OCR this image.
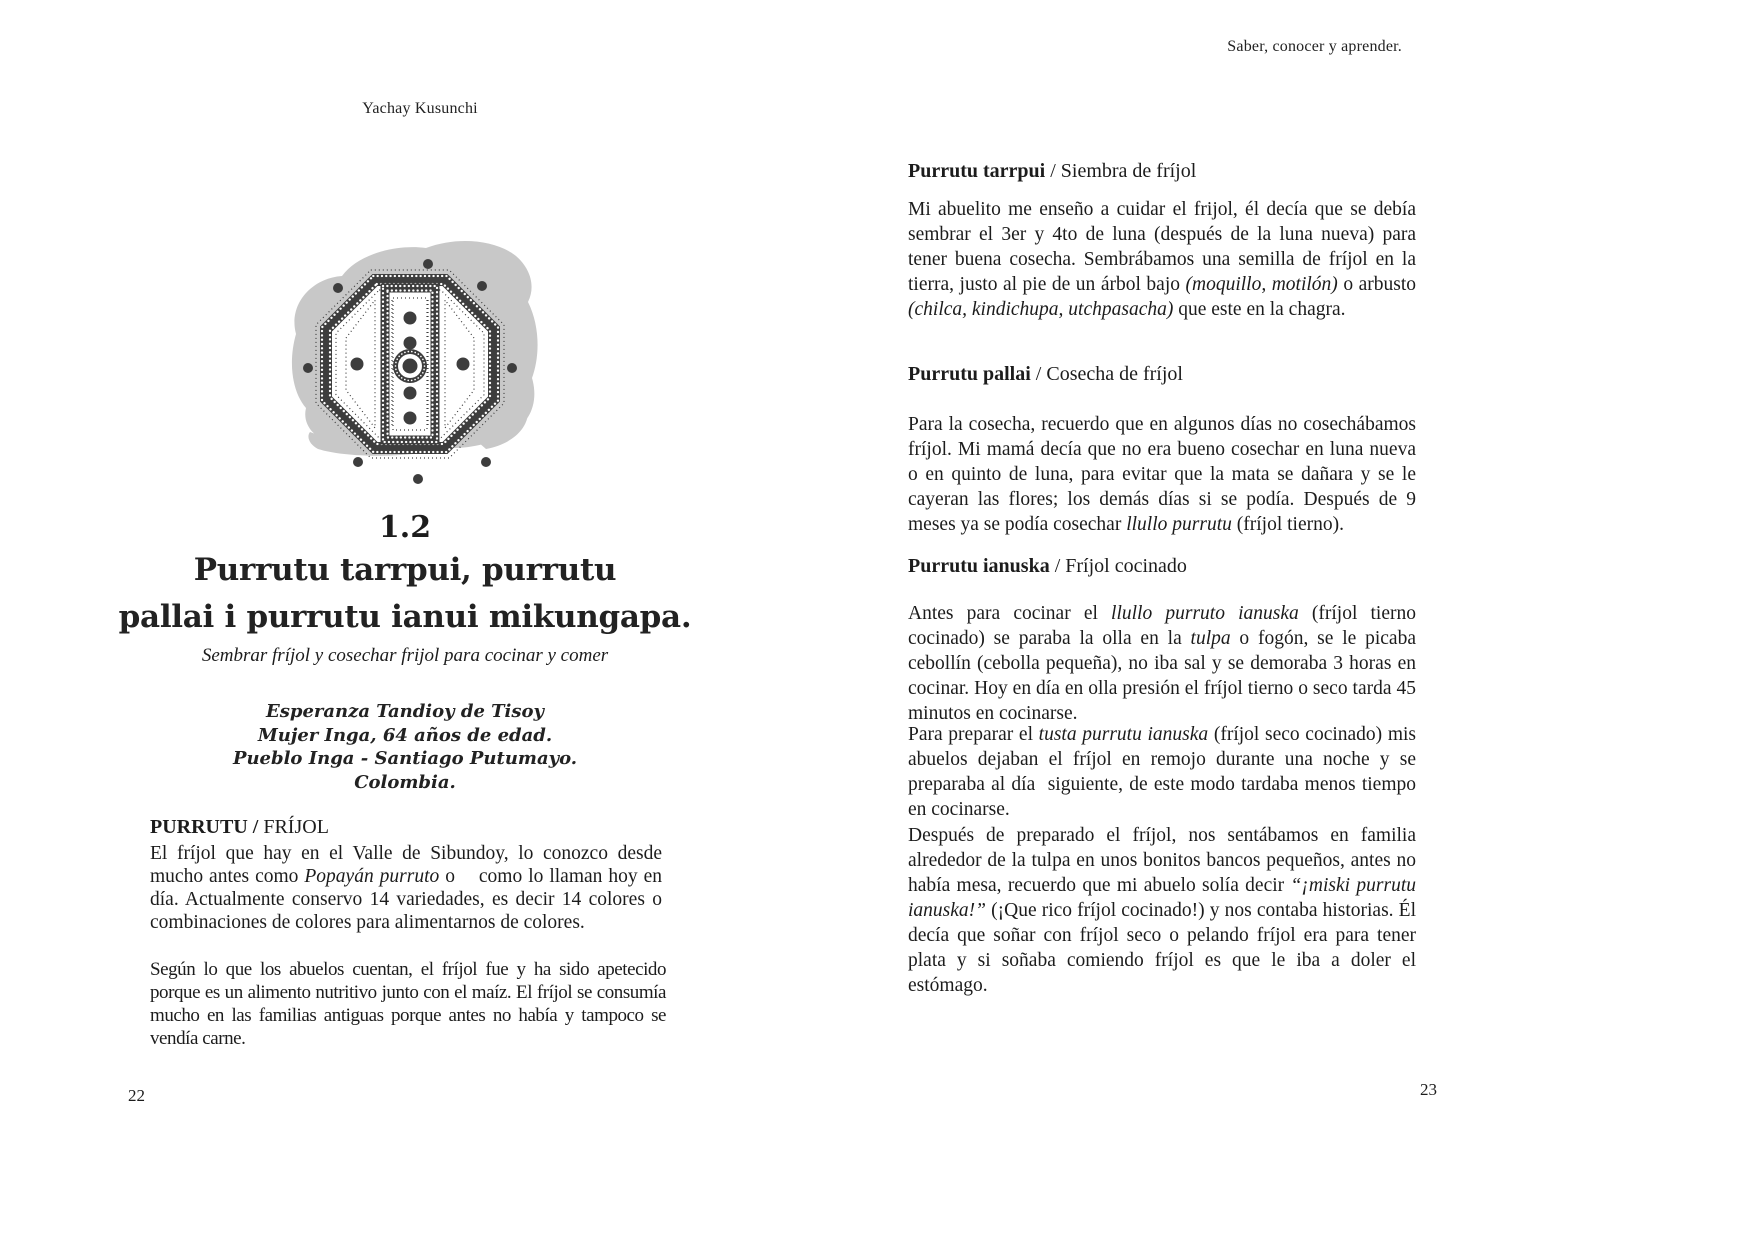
Yachay Kusunchi
1.2
Purrutu tarrpui, purrutu
pallai i purrutu ianui mikungapa.
Sembrar fríjol y cosechar frijol para cocinar y comer
Esperanza Tandioy de Tisoy
Mujer Inga, 64 años de edad.
Pueblo Inga - Santiago Putumayo.
Colombia.
PURRUTU / FRÍJOL

El fríjol que hay en el Valle de Sibundoy, lo conozco desde mucho antes como Popayán purruto o    como lo llaman hoy en día. Actualmente conservo 14 variedades, es decir 14 colores o combinaciones de colores para alimentarnos de colores.

Según lo que los abuelos cuentan, el fríjol fue y ha sido apetecido porque es un alimento nutritivo junto con el maíz. El fríjol se consumía mucho en las familias antiguas porque antes no había y tampoco se vendía carne.

22
Saber, conocer y aprender.
Purrutu tarrpui / Siembra de fríjol

Mi abuelito me enseño a cuidar el frijol, él decía que se debía sembrar el 3er y 4to de luna (después de la luna nueva) para tener buena cosecha. Sembrábamos una semilla de fríjol en la tierra, justo al pie de un árbol bajo (moquillo, motilón) o arbusto (chilca, kindichupa, utchpasacha) que este en la chagra.

Purrutu pallai / Cosecha de fríjol

Para la cosecha, recuerdo que en algunos días no cosechábamos fríjol. Mi mamá decía que no era bueno cosechar en luna nueva o en quinto de luna, para evitar que la mata se dañara y se le cayeran las flores; los demás días si se podía. Después de 9 meses ya se podía cosechar llullo purrutu (fríjol tierno).

Purrutu ianuska / Fríjol cocinado

Antes para cocinar el llullo purruto ianuska (fríjol tierno cocinado) se paraba la olla en la tulpa o fogón, se le picaba cebollín (cebolla pequeña), no iba sal y se demoraba 3 horas en cocinar. Hoy en día en olla presión el fríjol tierno o seco tarda 45 minutos en cocinarse.

Para preparar el tusta purrutu ianuska (fríjol seco cocinado) mis abuelos dejaban el fríjol en remojo durante una noche y se preparaba al día  siguiente, de este modo tardaba menos tiempo en cocinarse.

Después de preparado el fríjol, nos sentábamos en familia alrededor de la tulpa en unos bonitos bancos pequeños, antes no había mesa, recuerdo que mi abuelo solía decir “¡miski purrutu ianuska!” (¡Que rico fríjol cocinado!) y nos contaba historias. Él decía que soñar con fríjol seco o pelando fríjol era para tener plata y si soñaba comiendo fríjol es que le iba a doler el estómago.

23
